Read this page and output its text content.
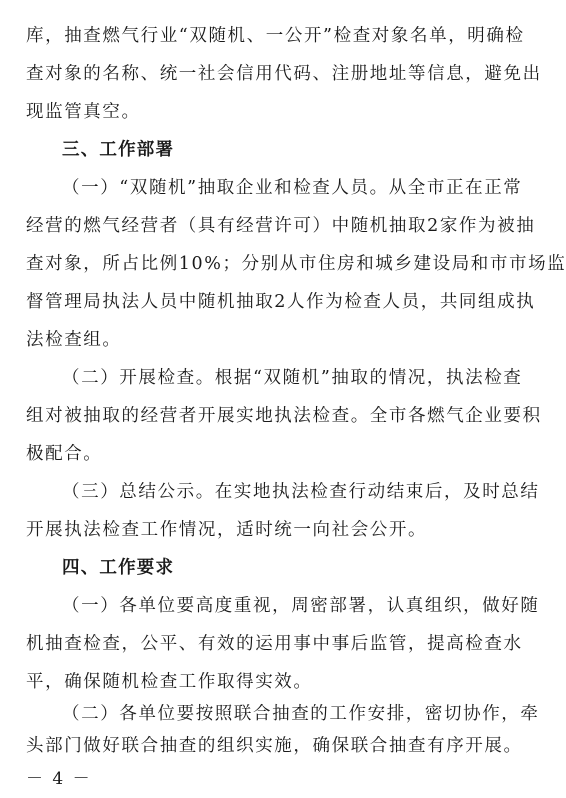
库，抽查燃气行业“双随机、一公开”检查对象名单，明确检
查对象的名称、统一社会信用代码、注册地址等信息，避免出
现监管真空。
三、工作部署
（一）“双随机”抽取企业和检查人员。从全市正在正常
经营的燃气经营者（具有经营许可）中随机抽取2家作为被抽
查对象，所占比例10%；分别从市住房和城乡建设局和市市场监
督管理局执法人员中随机抽取2人作为检查人员，共同组成执
法检查组。
（二）开展检查。根据“双随机”抽取的情况，执法检查
组对被抽取的经营者开展实地执法检查。全市各燃气企业要积
极配合。
（三）总结公示。在实地执法检查行动结束后，及时总结
开展执法检查工作情况，适时统一向社会公开。
四、工作要求
（一）各单位要高度重视，周密部署，认真组织，做好随
机抽查检查，公平、有效的运用事中事后监管，提高检查水
平，确保随机检查工作取得实效。
（二）各单位要按照联合抽查的工作安排，密切协作，牵
－ 4 －
头部门做好联合抽查的组织实施，确保联合抽查有序开展。
